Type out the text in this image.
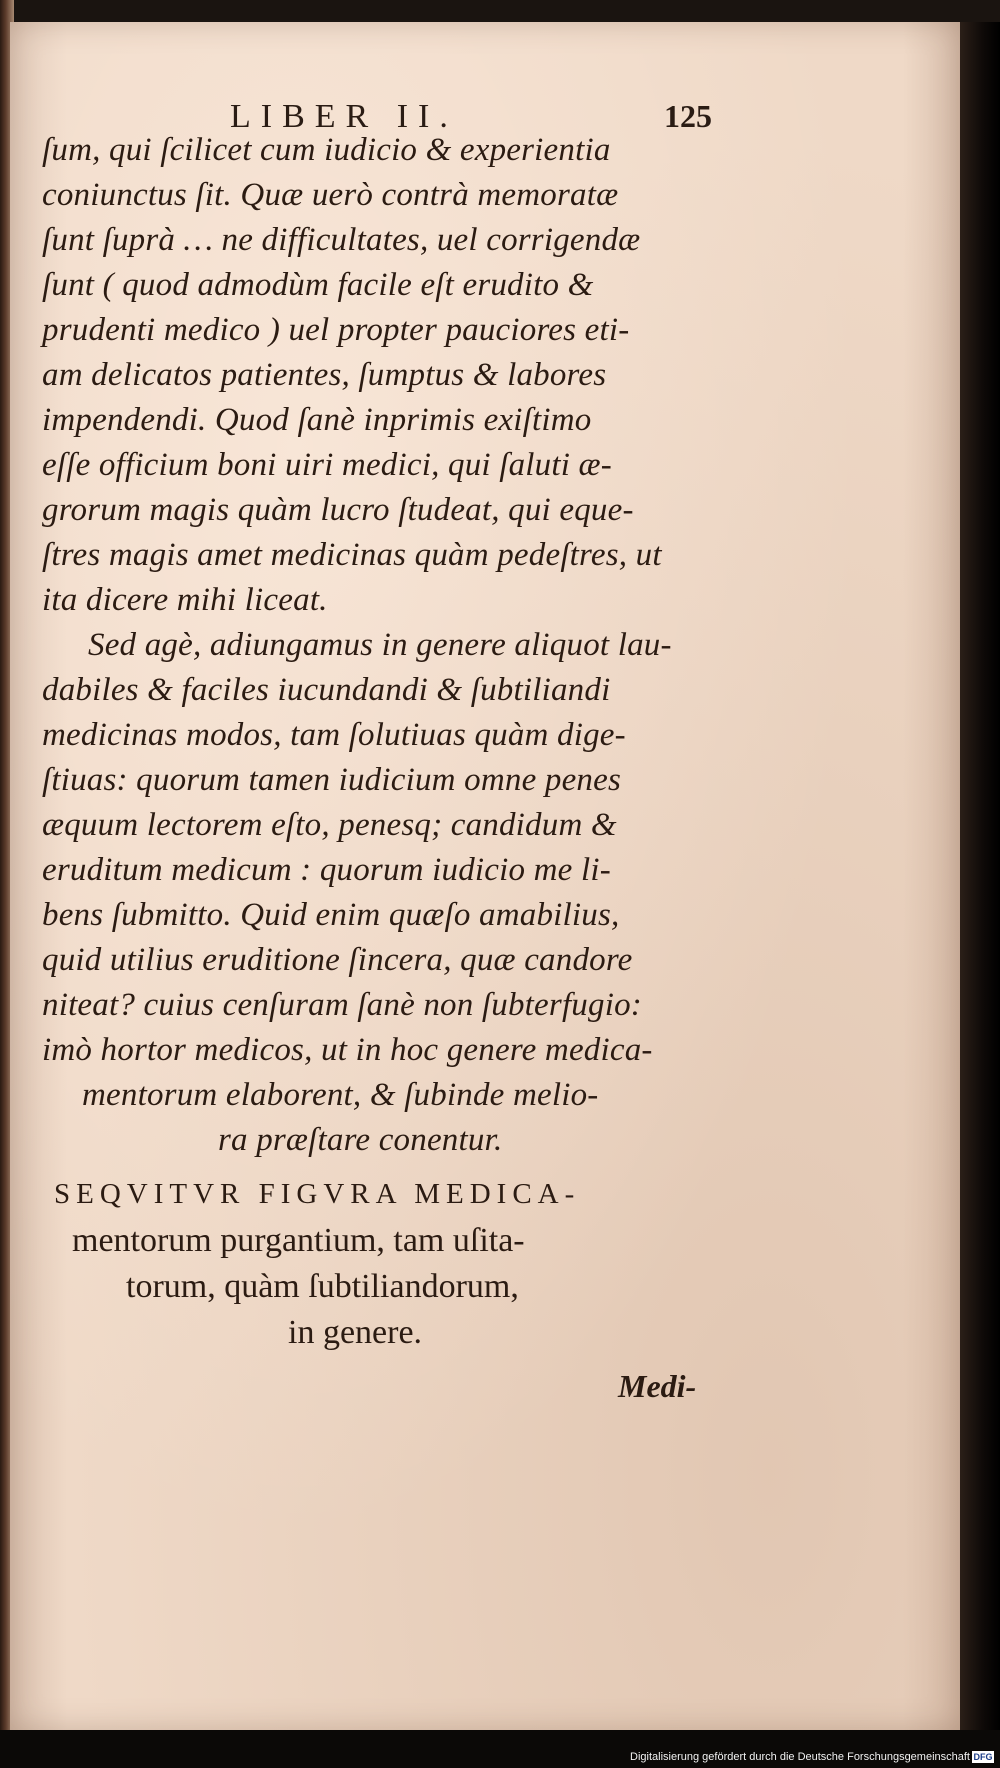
LIBER II.	125
ſum, qui ſcilicet cum iudicio & experientia
coniunctus ſit. Quæ uerò contrà memoratæ
ſunt ſuprà … ne difficultates, uel corrigendæ
ſunt ( quod admodùm facile eſt erudito &
prudenti medico ) uel propter pauciores eti-
am delicatos patientes, ſumptus & labores
impendendi. Quod ſanè inprimis exiſtimo
eſſe officium boni uiri medici, qui ſaluti æ-
grorum magis quàm lucro ſtudeat, qui eque-
ſtres magis amet medicinas quàm pedeſtres, ut
ita dicere mihi liceat.
Sed agè, adiungamus in genere aliquot lau-
dabiles & faciles iucundandi & ſubtiliandi
medicinas modos, tam ſolutiuas quàm dige-
ſtiuas: quorum tamen iudicium omne penes
æquum lectorem eſto, penesq; candidum &
eruditum medicum : quorum iudicio me li-
bens ſubmitto. Quid enim quæſo amabilius,
quid utilius eruditione ſincera, quæ candore
niteat? cuius cenſuram ſanè non ſubterfugio:
imò hortor medicos, ut in hoc genere medica-
mentorum elaborent, & ſubinde melio-
ra præſtare conentur.
SEQVITVR FIGVRA MEDICA-
mentorum purgantium, tam uſita-
torum, quàm ſubtiliandorum,
in genere.
Medi-
Digitalisierung gefördert durch die Deutsche Forschungsgemeinschaft DFG
